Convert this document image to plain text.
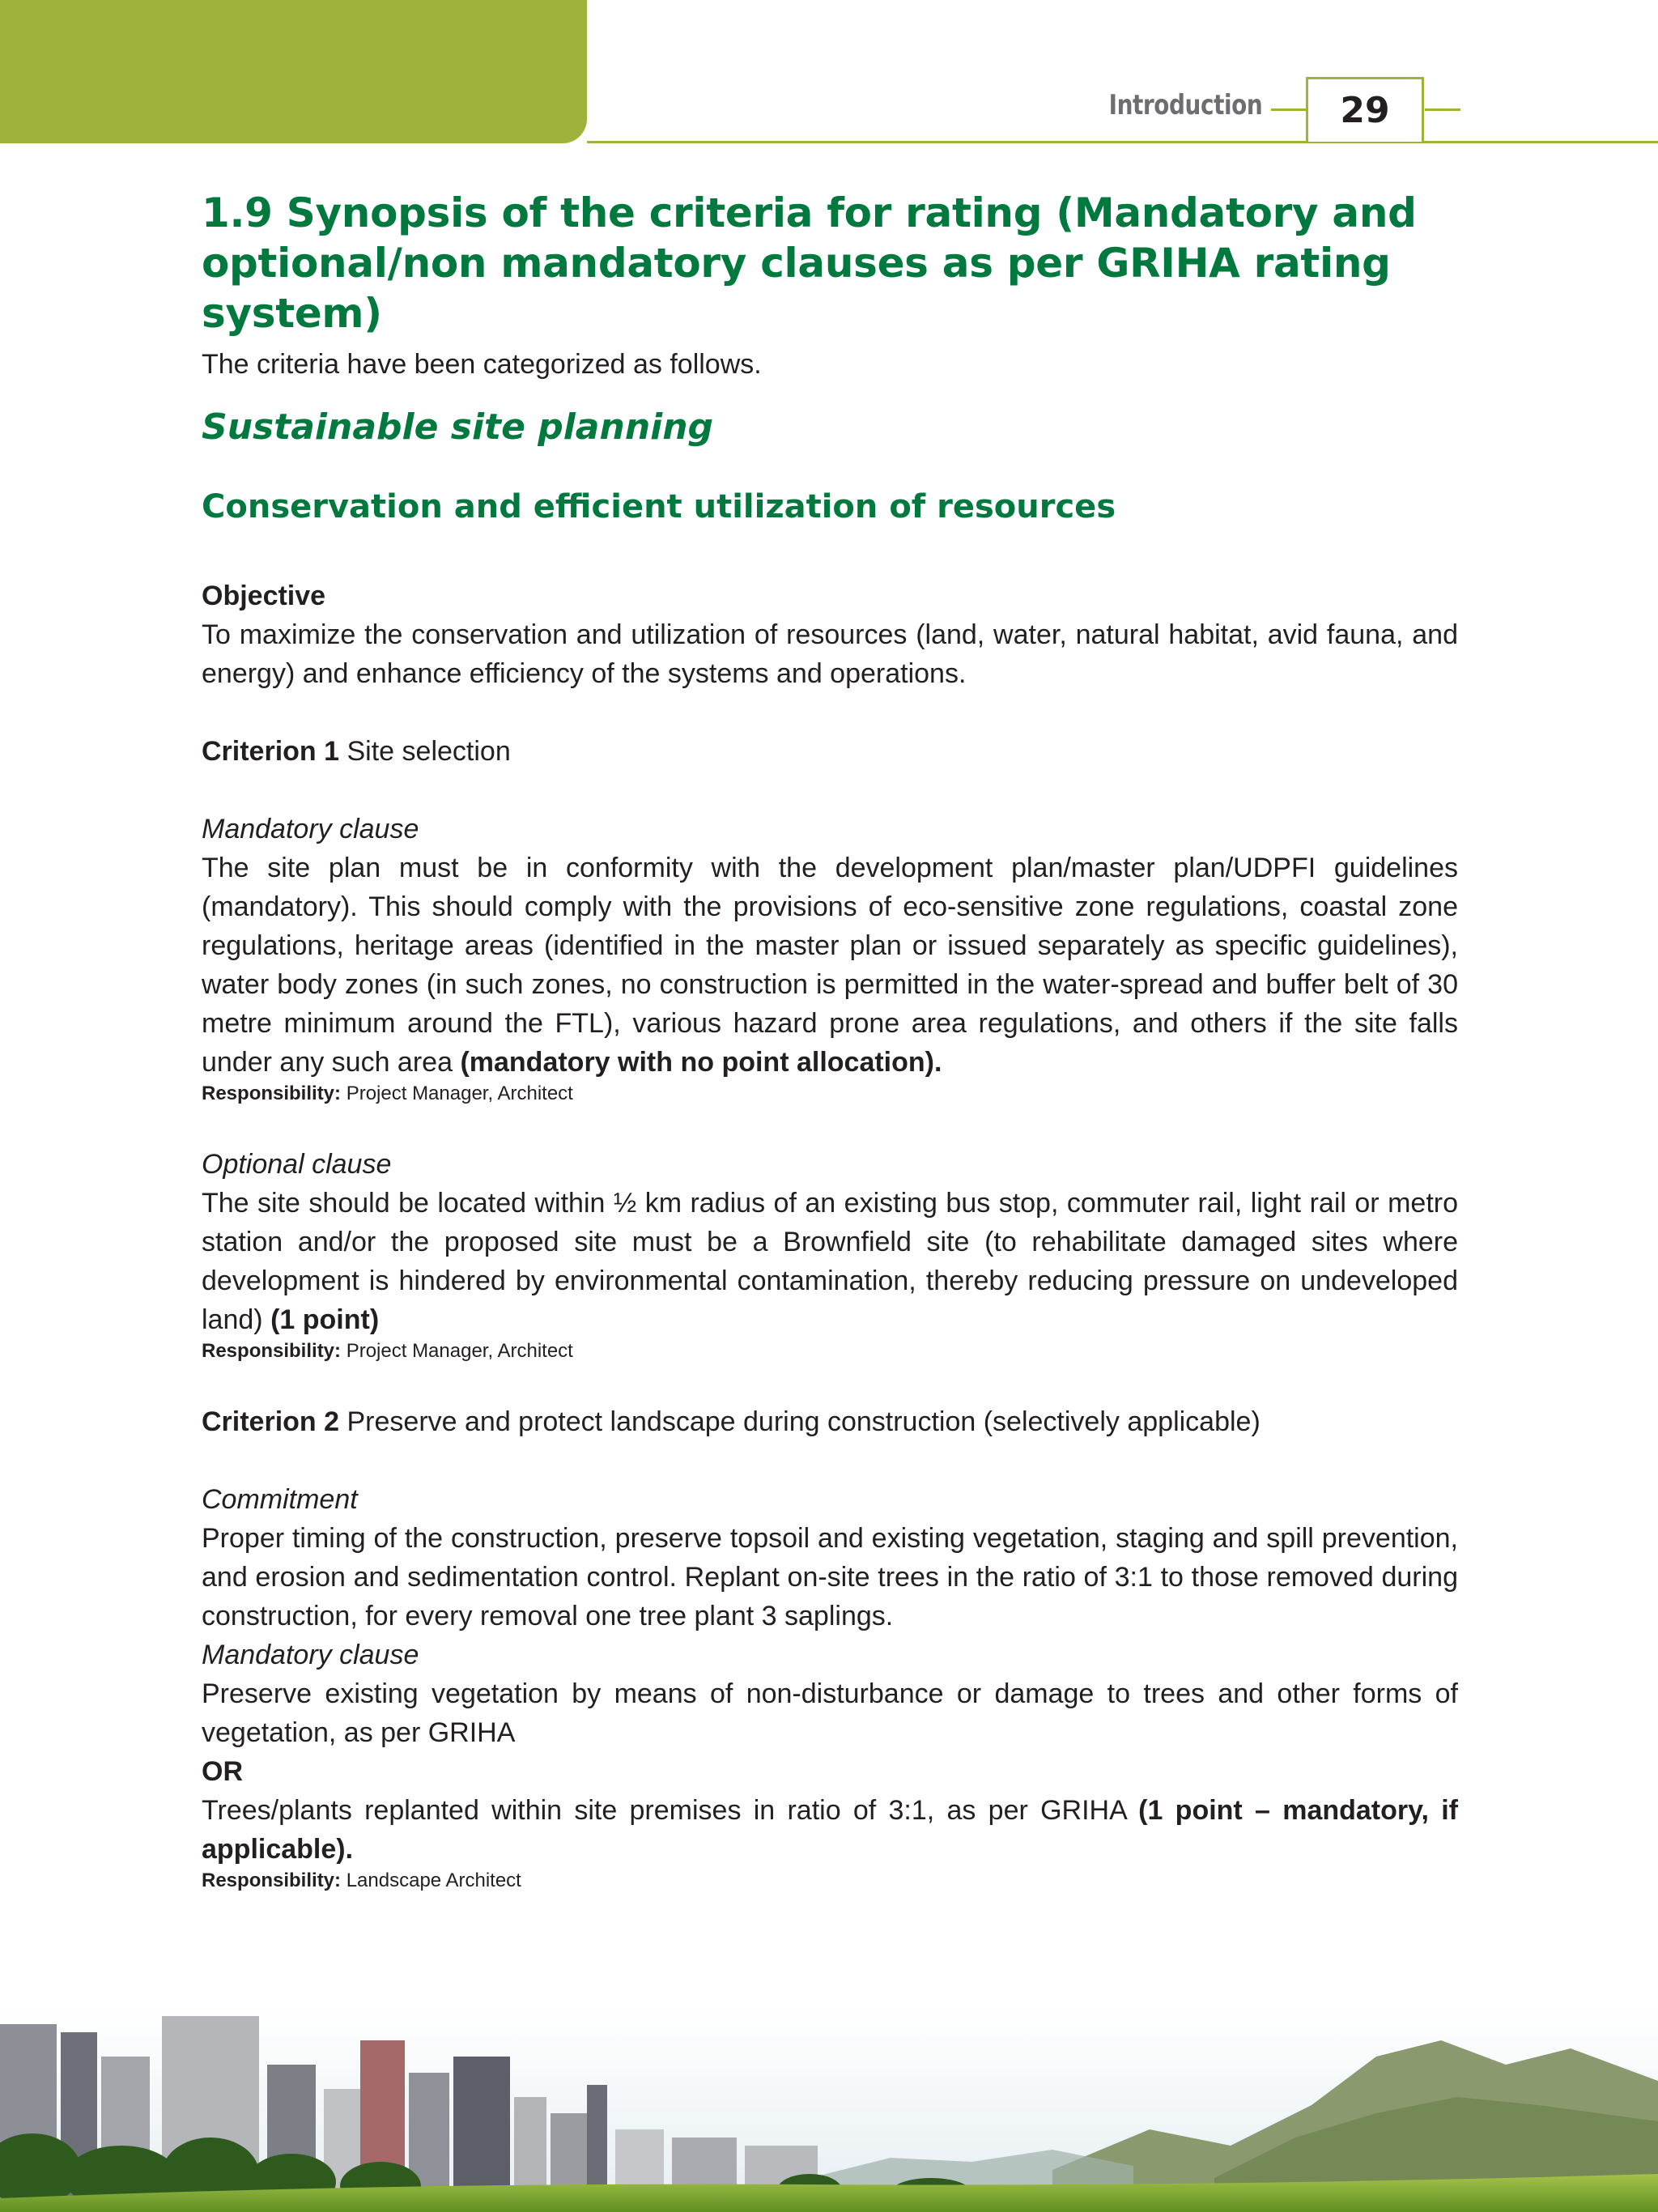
Introduction 29
1.9 Synopsis of the criteria for rating (Mandatory and optional/non mandatory clauses as per GRIHA rating system)

The criteria have been categorized as follows.

Sustainable site planning
Conservation and efficient utilization of resources

Objective

To maximize the conservation and utilization of resources (land, water, natural habitat, avid fauna, and energy) and enhance efficiency of the systems and operations.

Criterion 1 Site selection

Mandatory clause

The site plan must be in conformity with the development plan/master plan/UDPFI guidelines (mandatory). This should comply with the provisions of eco-sensitive zone regulations, coastal zone regulations, heritage areas (identified in the master plan or issued separately as specific guidelines), water body zones (in such zones, no construction is permitted in the water-spread and buffer belt of 30 metre minimum around the FTL), various hazard prone area regulations, and others if the site falls under any such area (mandatory with no point allocation).

Responsibility: Project Manager, Architect

Optional clause

The site should be located within ½ km radius of an existing bus stop, commuter rail, light rail or metro station and/or the proposed site must be a Brownfield site (to rehabilitate damaged sites where development is hindered by environmental contamination, thereby reducing pressure on undeveloped land) (1 point)

Responsibility: Project Manager, Architect

Criterion 2 Preserve and protect landscape during construction (selectively applicable)

Commitment

Proper timing of the construction, preserve topsoil and existing vegetation, staging and spill prevention, and erosion and sedimentation control. Replant on-site trees in the ratio of 3:1 to those removed during construction, for every removal one tree plant 3 saplings.

Mandatory clause

Preserve existing vegetation by means of non-disturbance or damage to trees and other forms of vegetation, as per GRIHA

OR

Trees/plants replanted within site premises in ratio of 3:1, as per GRIHA (1 point – mandatory, if applicable).

Responsibility: Landscape Architect
